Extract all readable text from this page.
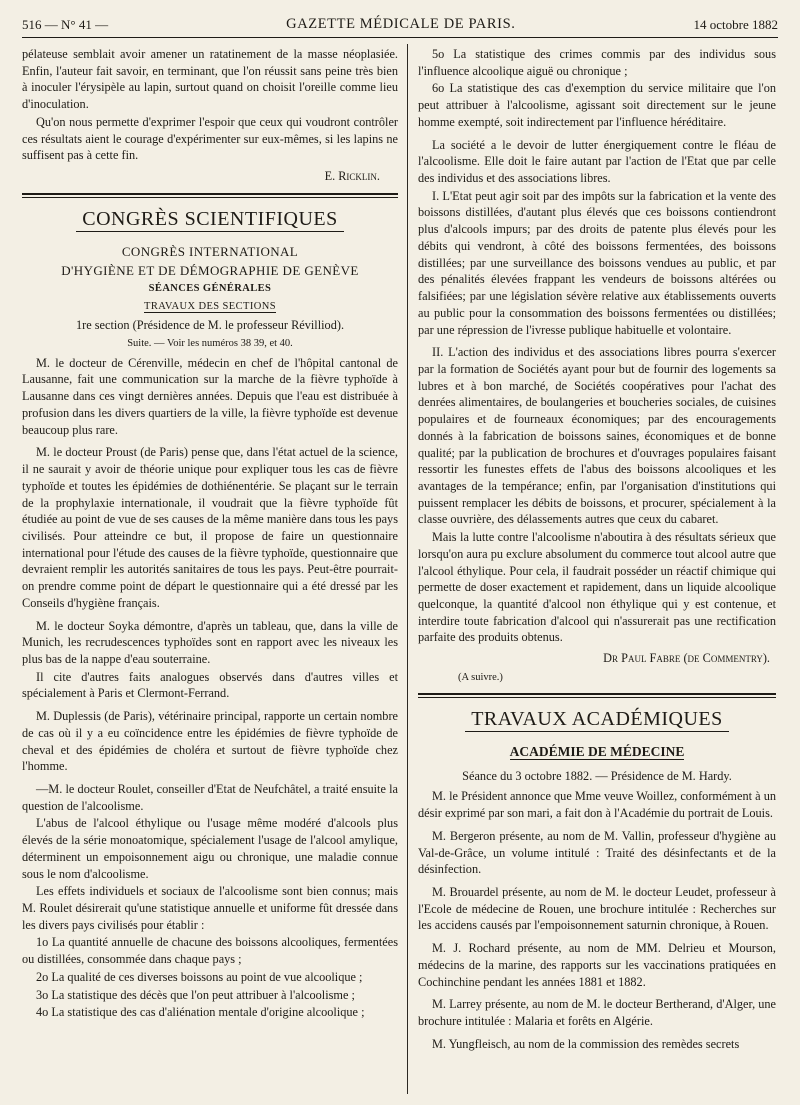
516 — N° 41 —	GAZETTE MÉDICALE DE PARIS.	14 octobre 1882

pélateuse semblait avoir amener un ratatinement de la masse néoplasiée. Enfin, l'auteur fait savoir, en terminant, que l'on réussit sans peine très bien à inoculer l'érysipèle au lapin, surtout quand on choisit l'oreille comme lieu d'inoculation.

Qu'on nous permette d'exprimer l'espoir que ceux qui voudront contrôler ces résultats aient le courage d'expérimenter sur eux-mêmes, si les lapins ne suffisent pas à cette fin.

E. Ricklin.
CONGRÈS SCIENTIFIQUES
CONGRÈS INTERNATIONAL
D'HYGIÈNE ET DE DÉMOGRAPHIE DE GENÈVE
SÉANCES GÉNÉRALES
TRAVAUX DES SECTIONS
1re section (Présidence de M. le professeur Révilliod).
Suite. — Voir les numéros 38 39, et 40.

M. le docteur de Cérenville, médecin en chef de l'hôpital cantonal de Lausanne, fait une communication sur la marche de la fièvre typhoïde à Lausanne dans ces vingt dernières années. Depuis que l'eau est distribuée à profusion dans les divers quartiers de la ville, la fièvre typhoïde est devenue beaucoup plus rare.

M. le docteur Proust (de Paris) pense que, dans l'état actuel de la science, il ne saurait y avoir de théorie unique pour expliquer tous les cas de fièvre typhoïde et toutes les épidémies de dothiénentérie. Se plaçant sur le terrain de la prophylaxie internationale, il voudrait que la fièvre typhoïde fût étudiée au point de vue de ses causes de la même manière dans tous les pays civilisés. Pour atteindre ce but, il propose de faire un questionnaire international pour l'étude des causes de la fièvre typhoïde, questionnaire que devraient remplir les autorités sanitaires de tous les pays. Peut-être pourrait-on prendre comme point de départ le questionnaire qui a été dressé par les Conseils d'hygiène français.

M. le docteur Soyka démontre, d'après un tableau, que, dans la ville de Munich, les recrudescences typhoïdes sont en rapport avec les niveaux les plus bas de la nappe d'eau souterraine.

Il cite d'autres faits analogues observés dans d'autres villes et spécialement à Paris et Clermont-Ferrand.

M. Duplessis (de Paris), vétérinaire principal, rapporte un certain nombre de cas où il y a eu coïncidence entre les épidémies de fièvre typhoïde de cheval et des épidémies de choléra et surtout de fièvre typhoïde chez l'homme.

—M. le docteur Roulet, conseiller d'Etat de Neufchâtel, a traité ensuite la question de l'alcoolisme.

L'abus de l'alcool éthylique ou l'usage même modéré d'alcools plus élevés de la série monoatomique, spécialement l'usage de l'alcool amylique, déterminent un empoisonnement aigu ou chronique, une maladie connue sous le nom d'alcoolisme.

Les effets individuels et sociaux de l'alcoolisme sont bien connus; mais M. Roulet désirerait qu'une statistique annuelle et uniforme fût dressée dans les divers pays civilisés pour établir :

1o La quantité annuelle de chacune des boissons alcooliques, fermentées ou distillées, consommée dans chaque pays ;

2o La qualité de ces diverses boissons au point de vue alcoolique ;

3o La statistique des décès que l'on peut attribuer à l'alcoolisme ;

4o La statistique des cas d'aliénation mentale d'origine alcoolique ;

5o La statistique des crimes commis par des individus sous l'influence alcoolique aiguë ou chronique ;

6o La statistique des cas d'exemption du service militaire que l'on peut attribuer à l'alcoolisme, agissant soit directement sur le jeune homme exempté, soit indirectement par l'influence héréditaire.

La société a le devoir de lutter énergiquement contre le fléau de l'alcoolisme. Elle doit le faire autant par l'action de l'Etat que par celle des individus et des associations libres.

I. L'Etat peut agir soit par des impôts sur la fabrication et la vente des boissons distillées, d'autant plus élevés que ces boissons contiendront plus d'alcools impurs; par des droits de patente plus élevés pour les débits qui vendront, à côté des boissons fermentées, des boissons distillées; par une surveillance des boissons vendues au public, et par des pénalités élevées frappant les vendeurs de boissons altérées ou falsifiées; par une législation sévère relative aux établissements ouverts au public pour la consommation des boissons fermentées ou distillées; par une répression de l'ivresse publique habituelle et volontaire.

II. L'action des individus et des associations libres pourra s'exercer par la formation de Sociétés ayant pour but de fournir des logements sa lubres et à bon marché, de Sociétés coopératives pour l'achat des denrées alimentaires, de boulangeries et boucheries sociales, de cuisines populaires et de fourneaux économiques; par des encouragements donnés à la fabrication de boissons saines, économiques et de bonne qualité; par la publication de brochures et d'ouvrages populaires faisant ressortir les funestes effets de l'abus des boissons alcooliques et les avantages de la tempérance; enfin, par l'organisation d'institutions qui puissent remplacer les débits de boissons, et procurer, spécialement à la classe ouvrière, des délassements autres que ceux du cabaret.

Mais la lutte contre l'alcoolisme n'aboutira à des résultats sérieux que lorsqu'on aura pu exclure absolument du commerce tout alcool autre que l'alcool éthylique. Pour cela, il faudrait posséder un réactif chimique qui permette de doser exactement et rapidement, dans un liquide alcoolique quelconque, la quantité d'alcool non éthylique qui y est contenue, et interdire toute fabrication d'alcool qui n'assurerait pas une rectification parfaite des produits obtenus.

Dr Paul Fabre (de Commentry).
(A suivre.)
TRAVAUX ACADÉMIQUES
ACADÉMIE DE MÉDECINE
Séance du 3 octobre 1882. — Présidence de M. Hardy.

M. le Président annonce que Mme veuve Woillez, conformément à un désir exprimé par son mari, a fait don à l'Académie du portrait de Louis.

M. Bergeron présente, au nom de M. Vallin, professeur d'hygiène au Val-de-Grâce, un volume intitulé : Traité des désinfectants et de la désinfection.

M. Brouardel présente, au nom de M. le docteur Leudet, professeur à l'Ecole de médecine de Rouen, une brochure intitulée : Recherches sur les accidens causés par l'empoisonnement saturnin chronique, à Rouen.

M. J. Rochard présente, au nom de MM. Delrieu et Mourson, médecins de la marine, des rapports sur les vaccinations pratiquées en Cochinchine pendant les années 1881 et 1882.

M. Larrey présente, au nom de M. le docteur Bertherand, d'Alger, une brochure intitulée : Malaria et forêts en Algérie.

M. Yungfleisch, au nom de la commission des remèdes secrets
